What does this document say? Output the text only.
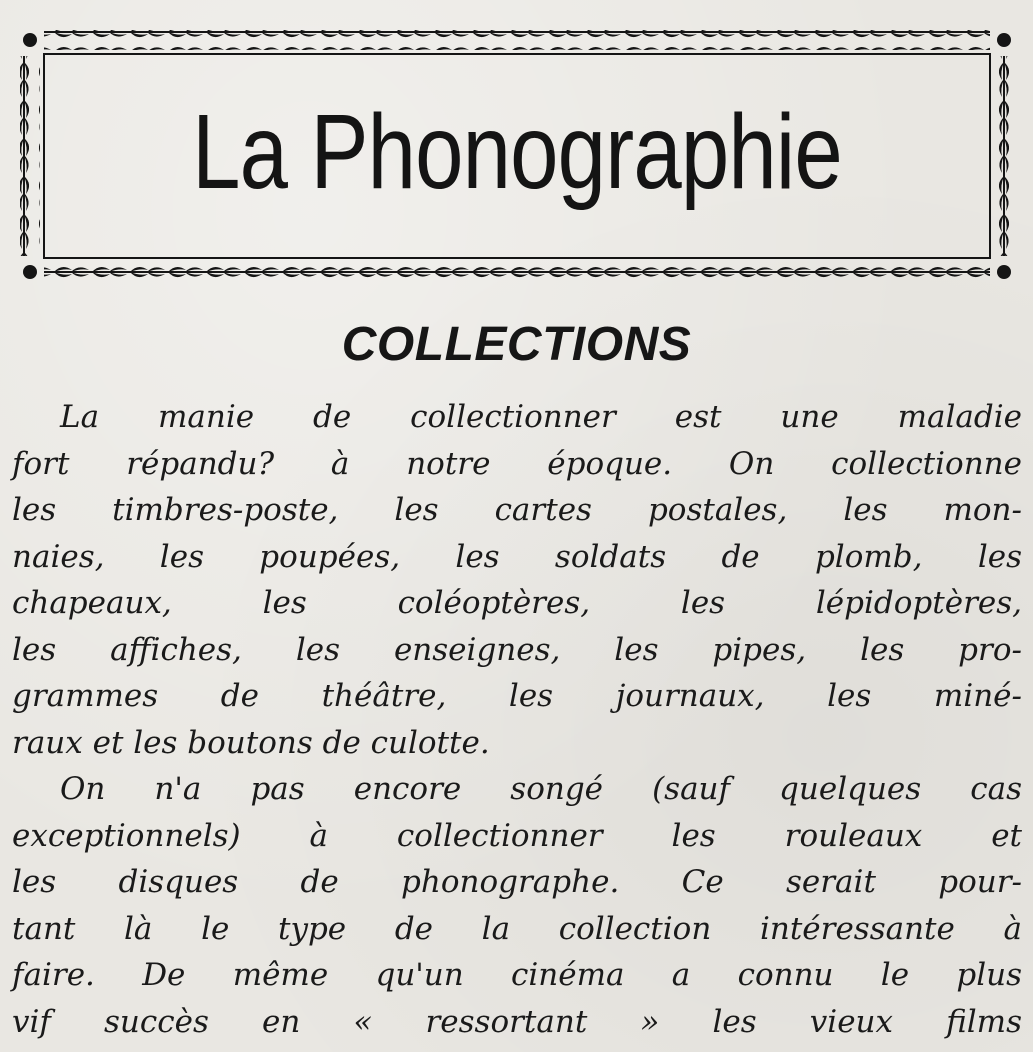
La Phonographie
COLLECTIONS
La manie de collectionner est une maladie
fort répandu? à notre époque. On collectionne
les timbres-poste, les cartes postales, les mon-
naies, les poupées, les soldats de plomb, les
chapeaux, les coléoptères, les lépidoptères,
les affiches, les enseignes, les pipes, les pro-
grammes de théâtre, les journaux, les miné-
raux et les boutons de culotte.
On n'a pas encore songé (sauf quelques cas
exceptionnels) à collectionner les rouleaux et
les disques de phonographe. Ce serait pour-
tant là le type de la collection intéressante à
faire. De même qu'un cinéma a connu le plus
vif succès en « ressortant » les vieux films
